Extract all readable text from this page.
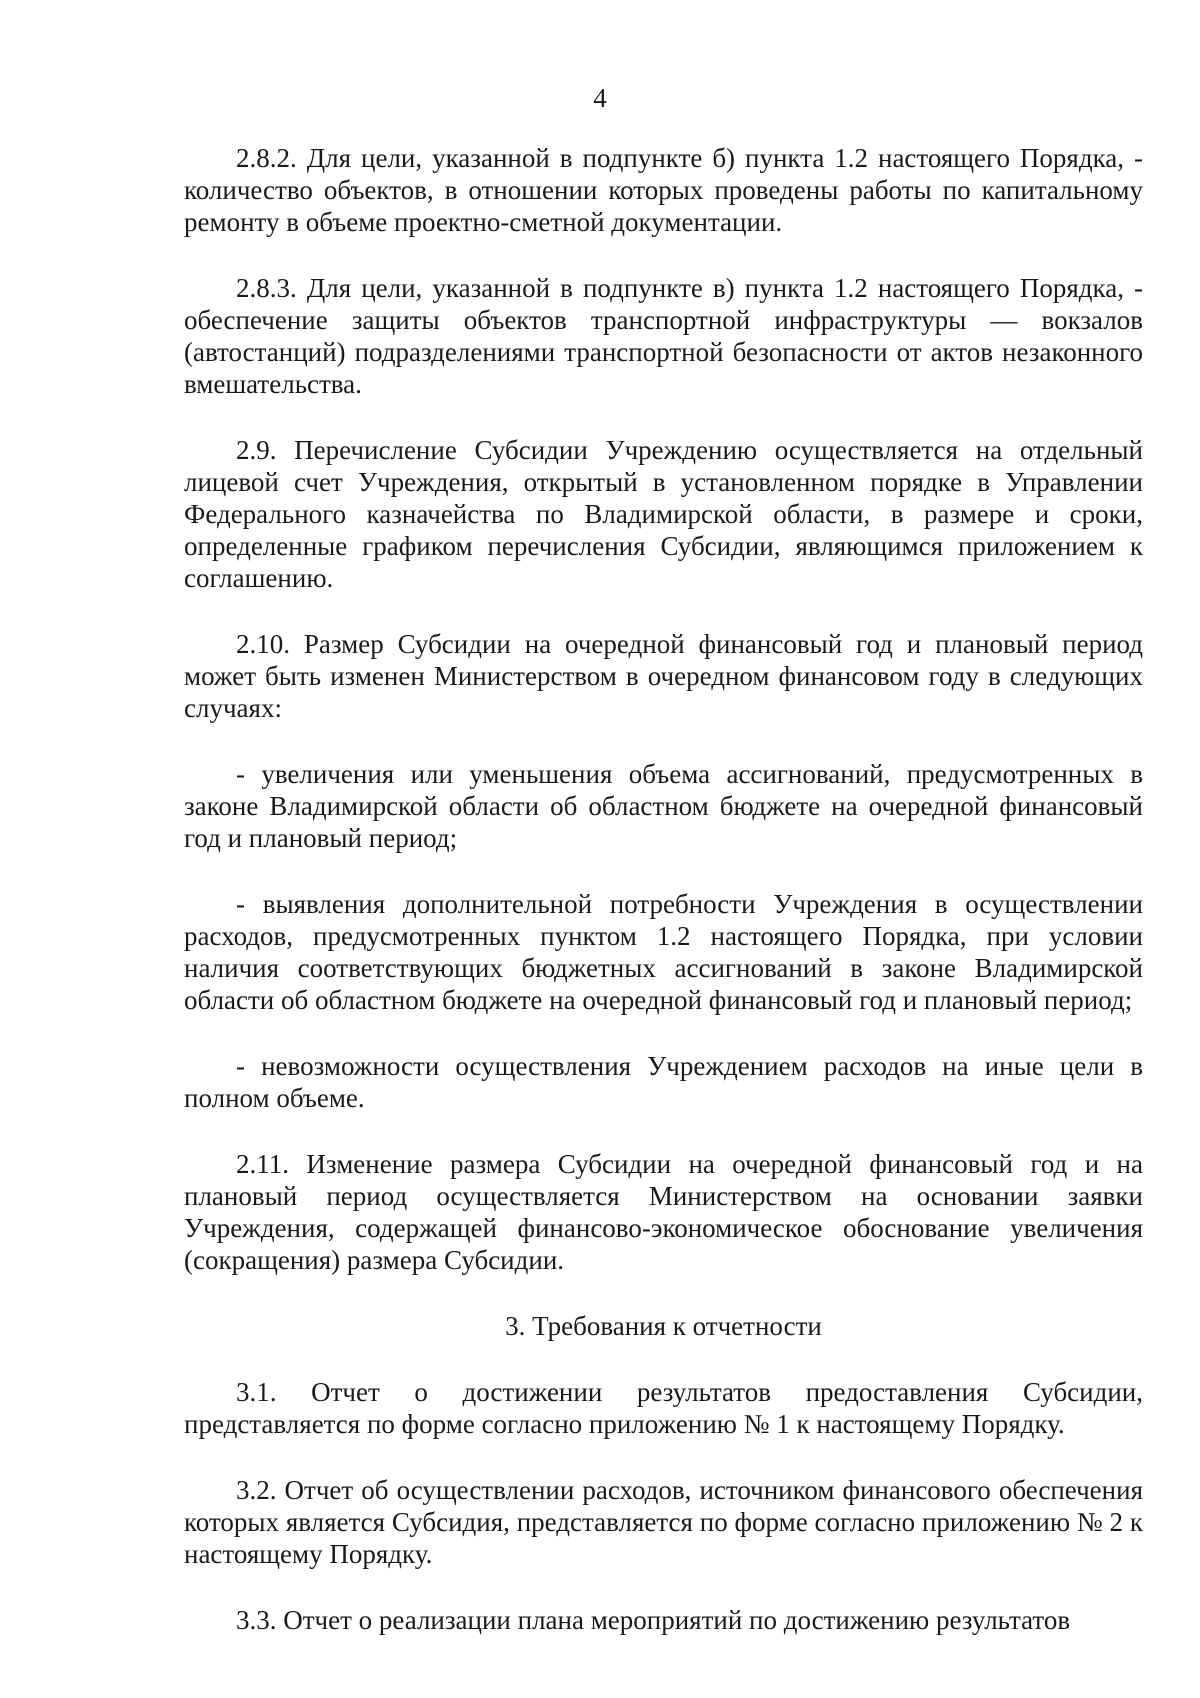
4

2.8.2. Для цели, указанной в подпункте б) пункта 1.2 настоящего Порядка, - количество объектов, в отношении которых проведены работы по капитальному ремонту в объеме проектно-сметной документации.

2.8.3. Для цели, указанной в подпункте в) пункта 1.2 настоящего Порядка, - обеспечение защиты объектов транспортной инфраструктуры — вокзалов (автостанций) подразделениями транспортной безопасности от актов незаконного вмешательства.

2.9. Перечисление Субсидии Учреждению осуществляется на отдельный лицевой счет Учреждения, открытый в установленном порядке в Управлении Федерального казначейства по Владимирской области, в размере и сроки, определенные графиком перечисления Субсидии, являющимся приложением к соглашению.

2.10. Размер Субсидии на очередной финансовый год и плановый период может быть изменен Министерством в очередном финансовом году в следующих случаях:

- увеличения или уменьшения объема ассигнований, предусмотренных в законе Владимирской области об областном бюджете на очередной финансовый год и плановый период;

- выявления дополнительной потребности Учреждения в осуществлении расходов, предусмотренных пунктом 1.2 настоящего Порядка, при условии наличия соответствующих бюджетных ассигнований в законе Владимирской области об областном бюджете на очередной финансовый год и плановый период;

- невозможности осуществления Учреждением расходов на иные цели в полном объеме.

2.11. Изменение размера Субсидии на очередной финансовый год и на плановый период осуществляется Министерством на основании заявки Учреждения, содержащей финансово-экономическое обоснование увеличения (сокращения) размера Субсидии.

3. Требования к отчетности

3.1. Отчет о достижении результатов предоставления Субсидии, представляется по форме согласно приложению № 1 к настоящему Порядку.

3.2. Отчет об осуществлении расходов, источником финансового обеспечения которых является Субсидия, представляется по форме согласно приложению № 2 к настоящему Порядку.

3.3. Отчет о реализации плана мероприятий по достижению результатов
